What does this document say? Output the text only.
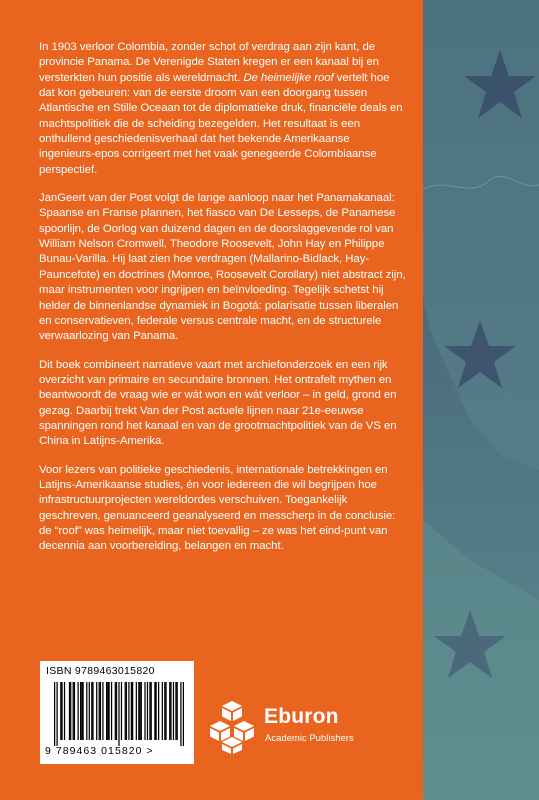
In 1903 verloor Colombia, zonder schot of verdrag aan zijn kant, de provincie Panama. De Verenigde Staten kregen er een kanaal bij en versterkten hun positie als wereldmacht. De heimelijke roof vertelt hoe dat kon gebeuren: van de eerste droom van een doorgang tussen Atlantische en Stille Oceaan tot de diplomatieke druk, financiële deals en machtspolitiek die de scheiding bezegelden. Het resultaat is een onthullend geschiedenisverhaal dat het bekende Amerikaanse ingenieurs-epos corrigeert met het vaak genegeerde Colombiaanse perspectief.

JanGeert van der Post volgt de lange aanloop naar het Panamakanaal: Spaanse en Franse plannen, het fiasco van De Lesseps, de Panamese spoorlijn, de Oorlog van duizend dagen en de doorslaggevende rol van William Nelson Cromwell, Theodore Roosevelt, John Hay en Philippe Bunau-Varilla. Hij laat zien hoe verdragen (Mallarino-Bidlack, Hay-Pauncefote) en doctrines (Monroe, Roosevelt Corollary) niet abstract zijn, maar instrumenten voor ingrijpen en beïnvloeding. Tegelijk schetst hij helder de binnenlandse dynamiek in Bogotá: polarisatie tussen liberalen en conservatieven, federale versus centrale macht, en de structurele verwaarlozing van Panama.

Dit boek combineert narratieve vaart met archiefonderzoek en een rijk overzicht van primaire en secundaire bronnen. Het ontrafelt mythen en beantwoordt de vraag wie er wát won en wát verloor – in geld, grond en gezag. Daarbij trekt Van der Post actuele lijnen naar 21e-eeuwse spanningen rond het kanaal en van de grootmachtpolitiek van de VS en China in Latijns-Amerika.

Voor lezers van politieke geschiedenis, internationale betrekkingen en Latijns-Amerikaanse studies, én voor iedereen die wil begrijpen hoe infrastructuurprojecten wereldordes verschuiven. Toegankelijk geschreven, genuanceerd geanalyseerd en messcherp in de conclusie: de “roof” was heimelijk, maar niet toevallig – ze was het eind-punt van decennia aan voorbereiding, belangen en macht.

ISBN 9789463015820
9 789463 015820 >
Eburon
Academic Publishers
